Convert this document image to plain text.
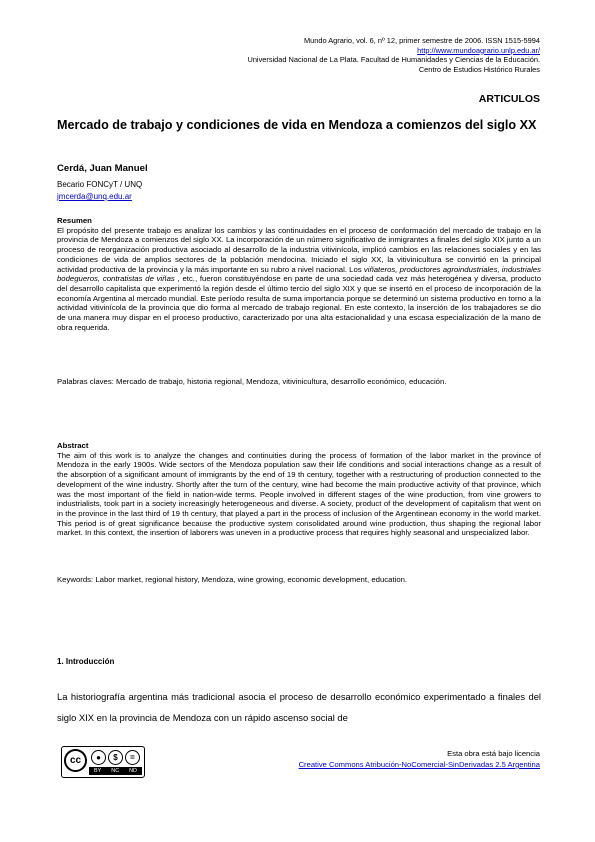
Mundo Agrario, vol. 6, nº 12, primer semestre de 2006. ISSN 1515-5994
http://www.mundoagrario.unlp.edu.ar/
Universidad Nacional de La Plata. Facultad de Humanidades y Ciencias de la Educación.
Centro de Estudios Histórico Rurales
ARTICULOS
Mercado de trabajo y condiciones de vida en Mendoza a comienzos del siglo XX
Cerdá, Juan Manuel
Becario FONCyT / UNQ
jmcerda@unq.edu.ar
Resumen
El propósito del presente trabajo es analizar los cambios y las continuidades en el proceso de conformación del mercado de trabajo en la provincia de Mendoza a comienzos del siglo XX. La incorporación de un número significativo de inmigrantes a finales del siglo XIX junto a un proceso de reorganización productiva asociado al desarrollo de la industria vitivinícola, implicó cambios en las relaciones sociales y en las condiciones de vida de amplios sectores de la población mendocina. Iniciado el siglo XX, la vitivinicultura se convirtió en la principal actividad productiva de la provincia y la más importante en su rubro a nivel nacional. Los viñateros, productores agroindustriales, industriales bodegueros, contratistas de viñas , etc., fueron constituyéndose en parte de una sociedad cada vez más heterogénea y diversa, producto del desarrollo capitalista que experimentó la región desde el último tercio del siglo XIX y que se insertó en el proceso de incorporación de la economía Argentina al mercado mundial. Este período resulta de suma importancia porque se determinó un sistema productivo en torno a la actividad vitivinícola de la provincia que dio forma al mercado de trabajo regional. En este contexto, la inserción de los trabajadores se dio de una manera muy dispar en el proceso productivo, caracterizado por una alta estacionalidad y una escasa especialización de la mano de obra requerida.
Palabras claves: Mercado de trabajo, historia regional, Mendoza, vitivinicultura, desarrollo económico, educación.
Abstract
The aim of this work is to analyze the changes and continuities during the process of formation of the labor market in the province of Mendoza in the early 1900s. Wide sectors of the Mendoza population saw their life conditions and social interactions change as a result of the absorption of a significant amount of immigrants by the end of 19 th century, together with a restructuring of production connected to the development of the wine industry. Shortly after the turn of the century, wine had become the main productive activity of that province, which was the most important of the field in nation-wide terms. People involved in different stages of the wine production, from vine growers to industrialists, took part in a society increasingly heterogeneous and diverse. A society, product of the development of capitalism that went on in the province in the last third of 19 th century, that played a part in the process of inclusion of the Argentinean economy in the world market. This period is of great significance because the productive system consolidated around wine production, thus shaping the regional labor market. In this context, the insertion of laborers was uneven in a productive process that requires highly seasonal and unspecialized labor.
Keywords: Labor market, regional history, Mendoza, wine growing, economic development, education.
1. Introducción
La historiografía argentina más tradicional asocia el proceso de desarrollo económico experimentado a finales del siglo XIX en la provincia de Mendoza con un rápido ascenso social de
cc	●	$	=
BY NC ND
Esta obra está bajo licencia
Creative Commons Atribución-NoComercial-SinDerivadas 2.5 Argentina
